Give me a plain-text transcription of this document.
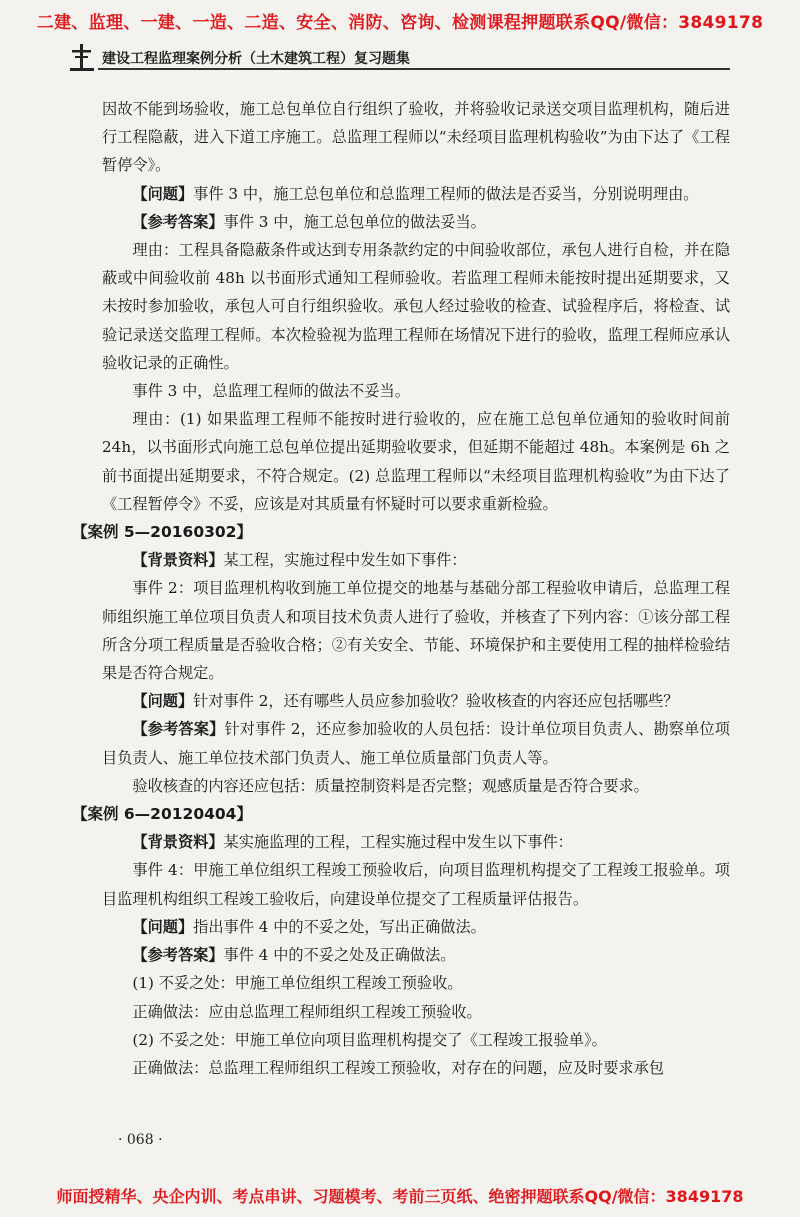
二建、监理、一建、一造、二造、安全、消防、咨询、检测课程押题联系QQ/微信：3849178
建设工程监理案例分析（土木建筑工程）复习题集

因故不能到场验收，施工总包单位自行组织了验收，并将验收记录送交项目监理机构，随后进行工程隐蔽，进入下道工序施工。总监理工程师以“未经项目监理机构验收”为由下达了《工程暂停令》。

【问题】事件 3 中，施工总包单位和总监理工程师的做法是否妥当，分别说明理由。

【参考答案】事件 3 中，施工总包单位的做法妥当。

理由：工程具备隐蔽条件或达到专用条款约定的中间验收部位，承包人进行自检，并在隐蔽或中间验收前 48h 以书面形式通知工程师验收。若监理工程师未能按时提出延期要求，又未按时参加验收，承包人可自行组织验收。承包人经过验收的检查、试验程序后，将检查、试验记录送交监理工程师。本次检验视为监理工程师在场情况下进行的验收，监理工程师应承认验收记录的正确性。

事件 3 中，总监理工程师的做法不妥当。

理由：(1) 如果监理工程师不能按时进行验收的，应在施工总包单位通知的验收时间前 24h，以书面形式向施工总包单位提出延期验收要求，但延期不能超过 48h。本案例是 6h 之前书面提出延期要求，不符合规定。(2) 总监理工程师以“未经项目监理机构验收”为由下达了《工程暂停令》不妥，应该是对其质量有怀疑时可以要求重新检验。

【案例 5—20160302】

【背景资料】某工程，实施过程中发生如下事件：

事件 2：项目监理机构收到施工单位提交的地基与基础分部工程验收申请后，总监理工程师组织施工单位项目负责人和项目技术负责人进行了验收，并核查了下列内容：①该分部工程所含分项工程质量是否验收合格；②有关安全、节能、环境保护和主要使用工程的抽样检验结果是否符合规定。

【问题】针对事件 2，还有哪些人员应参加验收？验收核查的内容还应包括哪些？

【参考答案】针对事件 2，还应参加验收的人员包括：设计单位项目负责人、勘察单位项目负责人、施工单位技术部门负责人、施工单位质量部门负责人等。

验收核查的内容还应包括：质量控制资料是否完整；观感质量是否符合要求。

【案例 6—20120404】

【背景资料】某实施监理的工程，工程实施过程中发生以下事件：

事件 4：甲施工单位组织工程竣工预验收后，向项目监理机构提交了工程竣工报验单。项目监理机构组织工程竣工验收后，向建设单位提交了工程质量评估报告。

【问题】指出事件 4 中的不妥之处，写出正确做法。

【参考答案】事件 4 中的不妥之处及正确做法。

(1) 不妥之处：甲施工单位组织工程竣工预验收。

正确做法：应由总监理工程师组织工程竣工预验收。

(2) 不妥之处：甲施工单位向项目监理机构提交了《工程竣工报验单》。

正确做法：总监理工程师组织工程竣工预验收，对存在的问题，应及时要求承包

· 068 ·
师面授精华、央企内训、考点串讲、习题模考、考前三页纸、绝密押题联系QQ/微信：3849178
